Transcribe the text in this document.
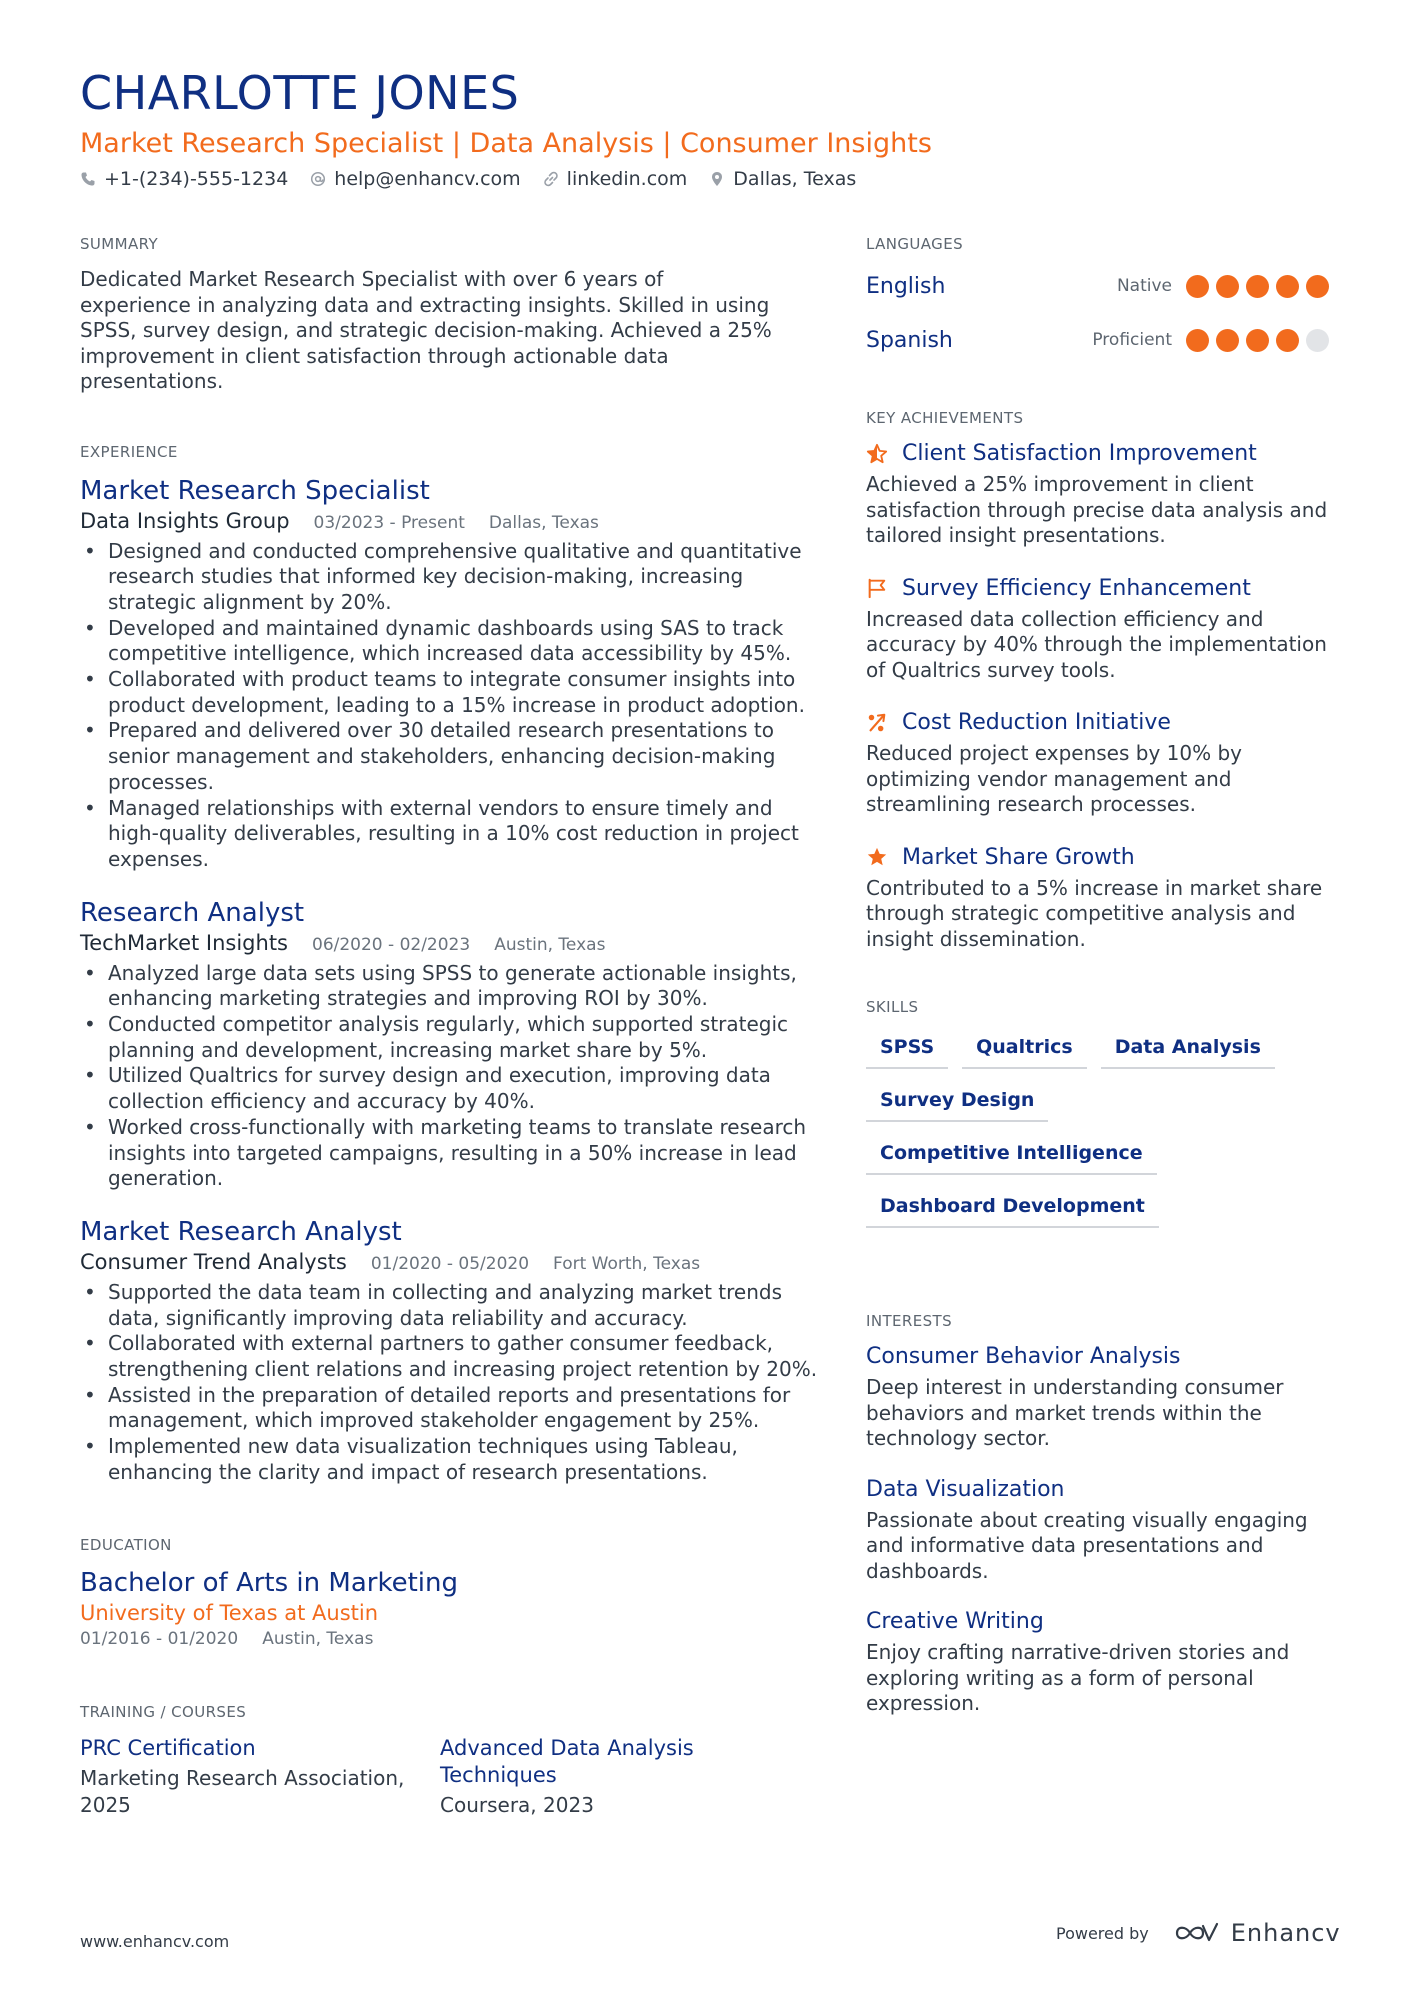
CHARLOTTE JONES
Market Research Specialist | Data Analysis | Consumer Insights
+1-(234)-555-1234 help@enhancv.com linkedin.com Dallas, Texas
SUMMARY
Dedicated Market Research Specialist with over 6 years of experience in analyzing data and extracting insights. Skilled in using SPSS, survey design, and strategic decision-making. Achieved a 25% improvement in client satisfaction through actionable data presentations.
EXPERIENCE
Market Research Specialist
Data Insights Group 03/2023 - Present Dallas, Texas
• Designed and conducted comprehensive qualitative and quantitative research studies that informed key decision-making, increasing strategic alignment by 20%.
• Developed and maintained dynamic dashboards using SAS to track competitive intelligence, which increased data accessibility by 45%.
• Collaborated with product teams to integrate consumer insights into product development, leading to a 15% increase in product adoption.
• Prepared and delivered over 30 detailed research presentations to senior management and stakeholders, enhancing decision-making processes.
• Managed relationships with external vendors to ensure timely and high-quality deliverables, resulting in a 10% cost reduction in project expenses.
Research Analyst
TechMarket Insights 06/2020 - 02/2023 Austin, Texas
• Analyzed large data sets using SPSS to generate actionable insights, enhancing marketing strategies and improving ROI by 30%.
• Conducted competitor analysis regularly, which supported strategic planning and development, increasing market share by 5%.
• Utilized Qualtrics for survey design and execution, improving data collection efficiency and accuracy by 40%.
• Worked cross-functionally with marketing teams to translate research insights into targeted campaigns, resulting in a 50% increase in lead generation.
Market Research Analyst
Consumer Trend Analysts 01/2020 - 05/2020 Fort Worth, Texas
• Supported the data team in collecting and analyzing market trends data, significantly improving data reliability and accuracy.
• Collaborated with external partners to gather consumer feedback, strengthening client relations and increasing project retention by 20%.
• Assisted in the preparation of detailed reports and presentations for management, which improved stakeholder engagement by 25%.
• Implemented new data visualization techniques using Tableau, enhancing the clarity and impact of research presentations.
EDUCATION
Bachelor of Arts in Marketing
University of Texas at Austin
01/2016 - 01/2020 Austin, Texas
TRAINING / COURSES
PRC Certification
Marketing Research Association, 2025
Advanced Data Analysis Techniques
Coursera, 2023
LANGUAGES
English	Native
Spanish	Proficient
KEY ACHIEVEMENTS
Client Satisfaction Improvement
Achieved a 25% improvement in client satisfaction through precise data analysis and tailored insight presentations.
Survey Efficiency Enhancement
Increased data collection efficiency and accuracy by 40% through the implementation of Qualtrics survey tools.
Cost Reduction Initiative
Reduced project expenses by 10% by optimizing vendor management and streamlining research processes.
Market Share Growth
Contributed to a 5% increase in market share through strategic competitive analysis and insight dissemination.
SKILLS
SPSS	Qualtrics	Data Analysis
Survey Design
Competitive Intelligence
Dashboard Development
INTERESTS
Consumer Behavior Analysis
Deep interest in understanding consumer behaviors and market trends within the technology sector.
Data Visualization
Passionate about creating visually engaging and informative data presentations and dashboards.
Creative Writing
Enjoy crafting narrative-driven stories and exploring writing as a form of personal expression.
www.enhancv.com	Powered by	Enhancv
